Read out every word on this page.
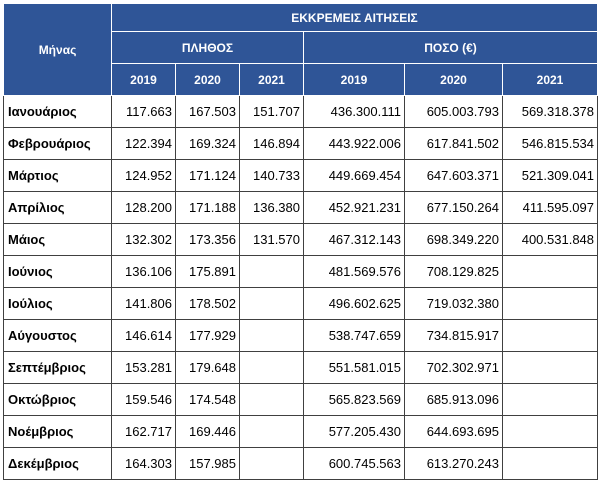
Μήνας	ΕΚΚΡΕΜΕΙΣ ΑΙΤΗΣΕΙΣ					
	ΠΛΗΘΟΣ			ΠΟΣΟ (€)		
	2019	2020	2021	2019	2020	2021
Ιανουάριος	117.663	167.503	151.707	436.300.111	605.003.793	569.318.378
Φεβρουάριος	122.394	169.324	146.894	443.922.006	617.841.502	546.815.534
Μάρτιος	124.952	171.124	140.733	449.669.454	647.603.371	521.309.041
Απρίλιος	128.200	171.188	136.380	452.921.231	677.150.264	411.595.097
Μάιος	132.302	173.356	131.570	467.312.143	698.349.220	400.531.848
Ιούνιος	136.106	175.891		481.569.576	708.129.825	
Ιούλιος	141.806	178.502		496.602.625	719.032.380	
Αύγουστος	146.614	177.929		538.747.659	734.815.917	
Σεπτέμβριος	153.281	179.648		551.581.015	702.302.971	
Οκτώβριος	159.546	174.548		565.823.569	685.913.096	
Νοέμβριος	162.717	169.446		577.205.430	644.693.695	
Δεκέμβριος	164.303	157.985		600.745.563	613.270.243	
